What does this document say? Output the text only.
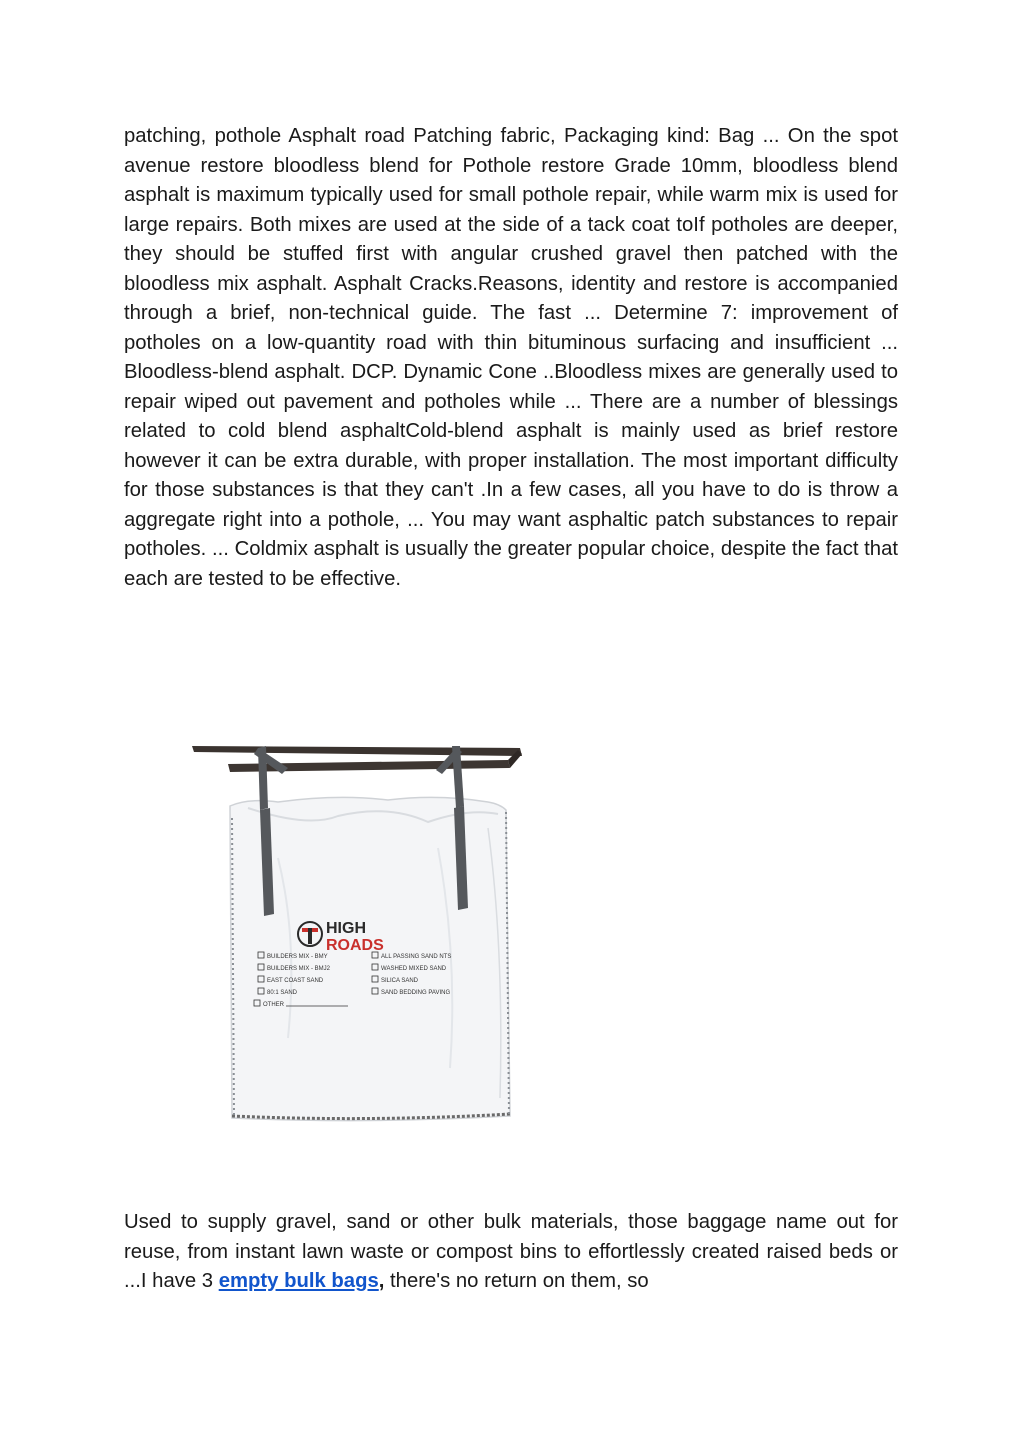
patching, pothole Asphalt road Patching fabric, Packaging kind: Bag ... On the spot avenue restore bloodless blend for Pothole restore Grade 10mm, bloodless blend asphalt is maximum typically used for small pothole repair, while warm mix is used for large repairs. Both mixes are used at the side of a tack coat toIf potholes are deeper, they should be stuffed first with angular crushed gravel then patched with the bloodless mix asphalt. Asphalt Cracks.Reasons, identity and restore is accompanied through a brief, non-technical guide. The fast ... Determine 7: improvement of potholes on a low-quantity road with thin bituminous surfacing and insufficient ... Bloodless-blend asphalt. DCP. Dynamic Cone ..Bloodless mixes are generally used to repair wiped out pavement and potholes while ... There are a number of blessings related to cold blend asphaltCold-blend asphalt is mainly used as brief restore however it can be extra durable, with proper installation. The most important difficulty for those substances is that they can't .In a few cases, all you have to do is throw a aggregate right into a pothole, ... You may want asphaltic patch substances to repair potholes. ... Coldmix asphalt is usually the greater popular choice, despite the fact that each are tested to be effective.

HIGH
ROADS
BUILDERS MIX - BMY
BUILDERS MIX - BMJ2
EAST COAST SAND
80:1 SAND
OTHER
ALL PASSING SAND NTS
WASHED MIXED SAND
SILICA SAND
SAND BEDDING PAVING

Used to supply gravel, sand or other bulk materials, those baggage name out for reuse, from instant lawn waste or compost bins to effortlessly created raised beds or ...I have 3 empty bulk bags, there's no return on them, so
